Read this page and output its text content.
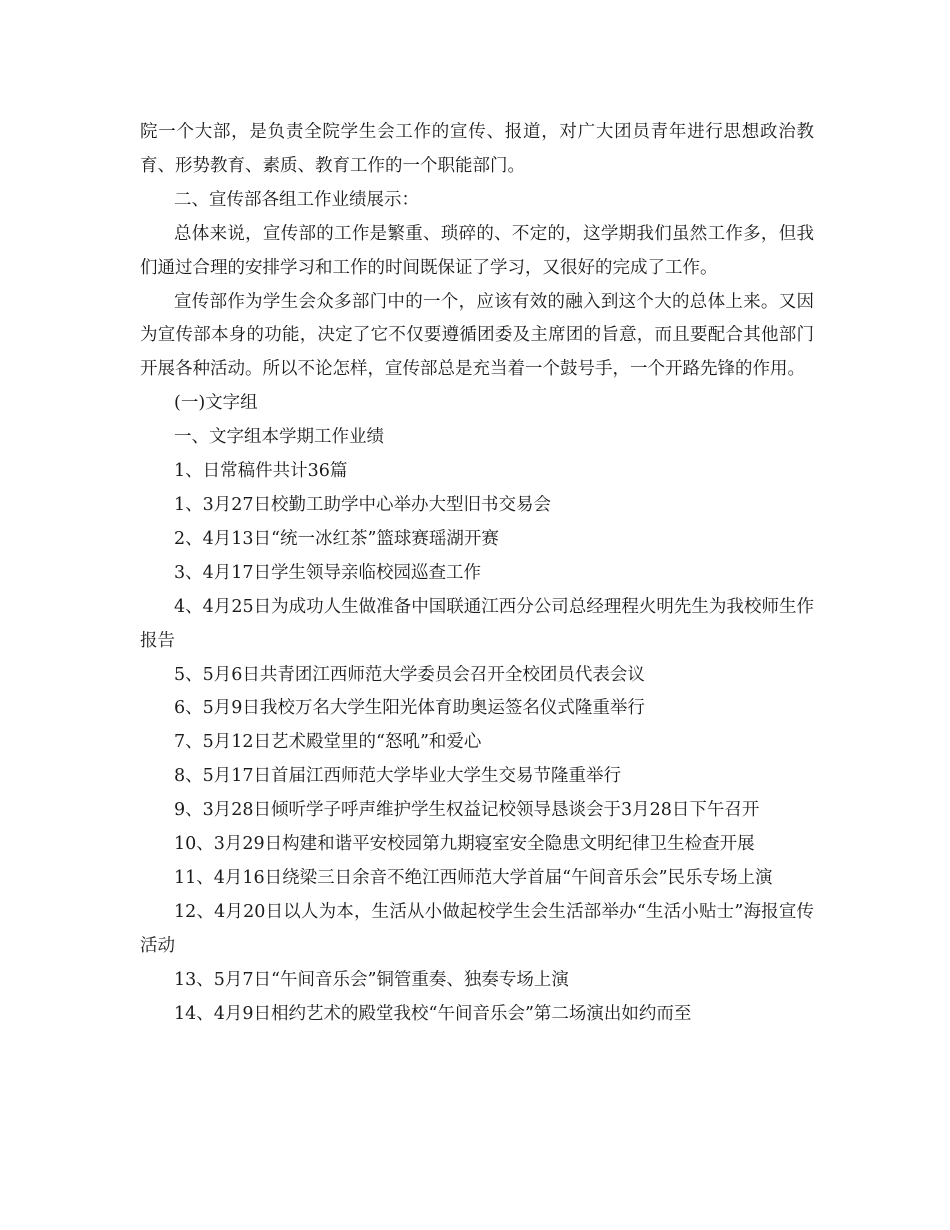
院一个大部，是负责全院学生会工作的宣传、报道，对广大团员青年进行思想政治教育、形势教育、素质、教育工作的一个职能部门。

二、宣传部各组工作业绩展示：

总体来说，宣传部的工作是繁重、琐碎的、不定的，这学期我们虽然工作多，但我们通过合理的安排学习和工作的时间既保证了学习，又很好的完成了工作。

宣传部作为学生会众多部门中的一个，应该有效的融入到这个大的总体上来。又因为宣传部本身的功能，决定了它不仅要遵循团委及主席团的旨意，而且要配合其他部门开展各种活动。所以不论怎样，宣传部总是充当着一个鼓号手，一个开路先锋的作用。

(一)文字组

一、文字组本学期工作业绩

1、日常稿件共计36篇

1、3月27日校勤工助学中心举办大型旧书交易会

2、4月13日“统一冰红茶”篮球赛瑶湖开赛

3、4月17日学生领导亲临校园巡查工作

4、4月25日为成功人生做准备中国联通江西分公司总经理程火明先生为我校师生作报告

5、5月6日共青团江西师范大学委员会召开全校团员代表会议

6、5月9日我校万名大学生阳光体育助奥运签名仪式隆重举行

7、5月12日艺术殿堂里的“怒吼”和爱心

8、5月17日首届江西师范大学毕业大学生交易节隆重举行

9、3月28日倾听学子呼声维护学生权益记校领导恳谈会于3月28日下午召开

10、3月29日构建和谐平安校园第九期寝室安全隐患文明纪律卫生检查开展

11、4月16日绕梁三日余音不绝江西师范大学首届“午间音乐会”民乐专场上演

12、4月20日以人为本，生活从小做起校学生会生活部举办“生活小贴士”海报宣传活动

13、5月7日“午间音乐会”铜管重奏、独奏专场上演

14、4月9日相约艺术的殿堂我校“午间音乐会”第二场演出如约而至
